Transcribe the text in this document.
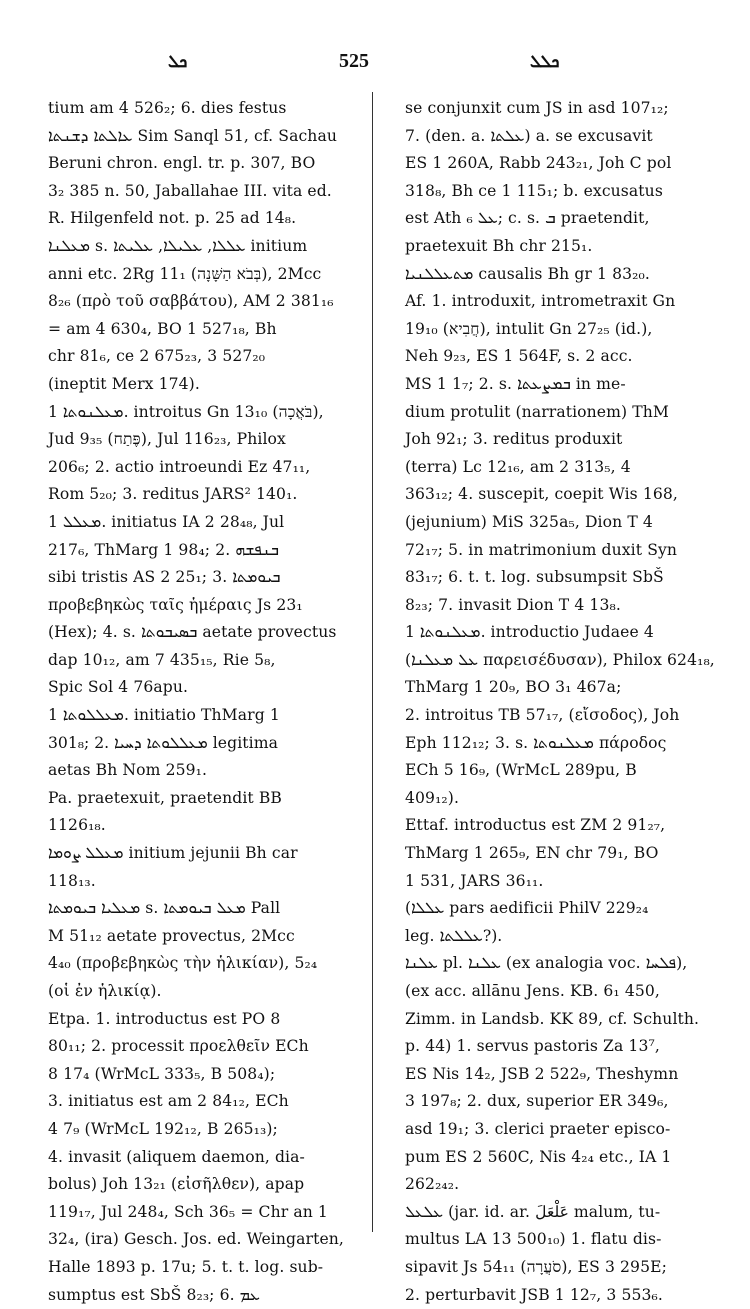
ܟܠ	525	ܟܠܠ
tium am 4 526₂; 6. dies festus
ܥܐܠܬܐ ܕܫܢܬܐ Sim Sanql 51, cf. Sachau
Beruni chron. engl. tr. p. 307, BO
3₂ 385 n. 50, Jaballahae III. vita ed.
R. Hilgenfeld not. p. 25 ad 14₈.
ܡܥܠܢܐ s. ܥܠܠܐ, ܥܠܝܠܐ, ܥܠܝܬܐ initium
anni etc. 2Rg 11₁ (בְּבֹא הַשָּׁנָה), 2Mcc
8₂₆ (πρὸ τοῦ σαββάτου), AM 2 381₁₆
= am 4 630₄, BO 1 527₁₈, Bh
chr 81₆, ce 2 675₂₃, 3 527₂₀
(ineptit Merx 174).
ܡܥܠܢܘܬܐ 1. introitus Gn 13₁₀ (בֹּאֲכָה),
Jud 9₃₅ (פֶּתַח), Jul 116₂₃, Philox
206₆; 2. actio introeundi Ez 47₁₁,
Rom 5₂₀; 3. reditus JARS² 140₁.
ܡܥܠܠ 1. initiatus IA 2 28₄₈, Jul
217₆, ThMarg 1 98₄; 2. ܒܢܦܫܗ
sibi tristis AS 2 25₁; 3. ܒܝܘܡܬܐ
προβεβηκὼς ταῖς ἡμέραις Js 23₁
(Hex); 4. s. ܒܣܝܒܘܬܐ aetate provectus
dap 10₁₂, am 7 435₁₅, Rie 5₈,
Spic Sol 4 76apu.
ܡܥܠܠܘܬܐ 1. initiatio ThMarg 1
301₈; 2. ܡܥܠܠܘܬܐ ܕܚܝܐ legitima
aetas Bh Nom 259₁.
Pa. praetexuit, praetendit BB
1126₁₈.
ܡܥܠܠ ܨܘܡܐ initium jejunii Bh car
118₁₃.
ܡܥܠܝܐ ܒܝܘܡܬܐ s. ܡܥܠ ܒܝܘܡܬܐ Pall
M 51₁₂ aetate provectus, 2Mcc
4₄₀ (προβεβηκὼς τὴν ἡλικίαν), 5₂₄
(οἱ ἐν ἡλικίᾳ).
Etpa. 1. introductus est PO 8
80₁₁; 2. processit προελθεῖν ECh
8 17₄ (WrMcL 333₅, B 508₄);
3. initiatus est am 2 84₁₂, ECh
4 7₉ (WrMcL 192₁₂, B 265₁₃);
4. invasit (aliquem daemon, dia-
bolus) Joh 13₂₁ (εἰσῆλθεν), apap
119₁₇, Jul 248₄, Sch 36₅ = Chr an 1
32₄, (ira) Gesch. Jos. ed. Weingarten,
Halle 1893 p. 17u; 5. t. t. log. sub-
sumptus est SbŠ 8₂₃; 6. ܥܡ
se conjunxit cum JS in asd 107₁₂;
7. (den. a. ܥܠܬܐ) a. se excusavit
ES 1 260A, Rabb 243₂₁, Joh C pol
318₈, Bh ce 1 115₁; b. excusatus
est Ath ܥܠ ₆; c. s. ܒ praetendit,
praetexuit Bh chr 215₁.
ܡܬܥܠܠܢܝܐ causalis Bh gr 1 83₂₀.
Af. 1. introduxit, intrometraxit Gn
19₁₀ (חֲבִיא), intulit Gn 27₂₅ (id.),
Neh 9₂₃, ES 1 564F, s. 2 acc.
MS 1 1₇; 2. s. ܒܡܨܥܬܐ in me-
dium protulit (narrationem) ThM
Joh 92₁; 3. reditus produxit
(terra) Lc 12₁₆, am 2 313₅, 4
363₁₂; 4. suscepit, coepit Wis 168,
(jejunium) MiS 325a₅, Dion T 4
72₁₇; 5. in matrimonium duxit Syn
83₁₇; 6. t. t. log. subsumpsit SbŠ
8₂₃; 7. invasit Dion T 4 13₈.
ܡܥܠܢܘܬܐ 1. introductio Judaee 4
(ܥܠ ܡܥܠܢܐ παρεισέδυσαν), Philox 624₁₈,
ThMarg 1 20₉, BO 3₁ 467a;
2. introitus TB 57₁₇, (εἴσοδος), Joh
Eph 112₁₂; 3. s. ܡܥܠܢܘܬܐ πάροδος
ECh 5 16₉, (WrMcL 289pu, B
409₁₂).
Ettaf. introductus est ZM 2 91₂₇,
ThMarg 1 265₉, EN chr 79₁, BO
1 531, JARS 36₁₁.
(ܥܠܠܐ pars aedificii PhilV 229₂₄
leg. ܥܠܠܬܐ?).
ܥܠܢܐ pl. ܥܠܢܐ (ex analogia voc. ܦܠܚܐ),
(ex acc. allānu Jens. KB. 6₁ 450,
Zimm. in Landsb. KK 89, cf. Schulth.
p. 44) 1. servus pastoris Za 13⁷,
ES Nis 14₂, JSB 2 522₉, Theshymn
3 197₈; 2. dux, superior ER 349₆,
asd 19₁; 3. clerici praeter episco-
pum ES 2 560C, Nis 4₂₄ etc., IA 1
262₂₄₂.
ܥܠܥܠ (jar. id. ar. عَلْعَلَ malum, tu-
multus LA 13 500₁₀) 1. flatu dis-
sipavit Js 54₁₁ (סֹעֲרָה), ES 3 295E;
2. perturbavit JSB 1 12₇, 3 553₆.
